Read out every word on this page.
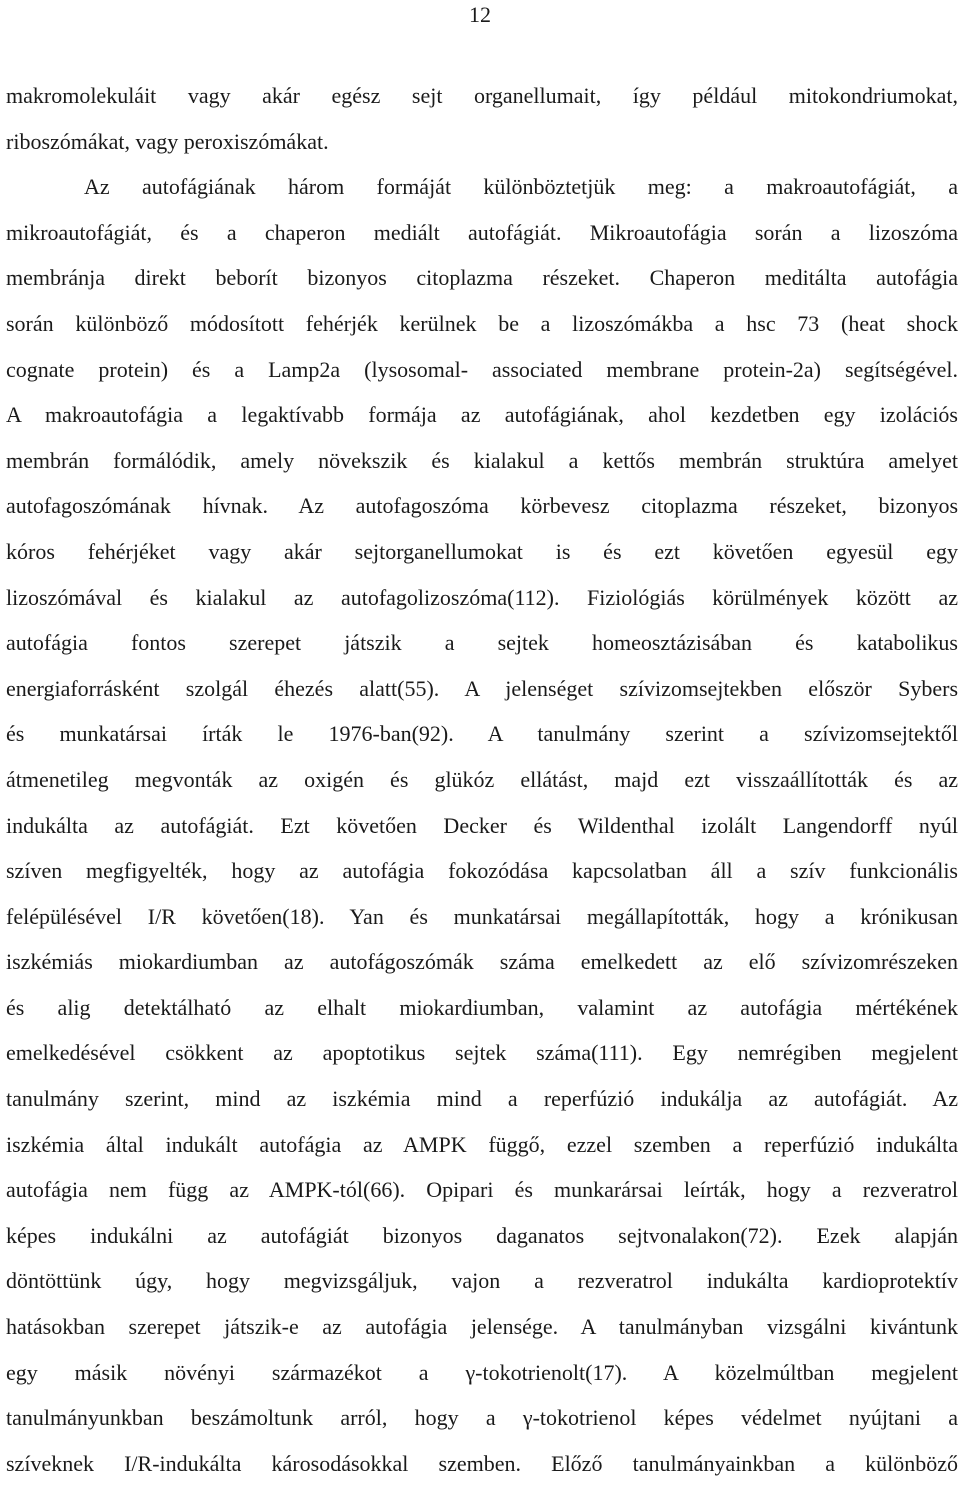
12
makromolekuláit vagy akár egész sejt organellumait, így például mitokondriumokat,
riboszómákat, vagy peroxiszómákat.
Az autofágiának három formáját különböztetjük meg: a makroautofágiát, a
mikroautofágiát, és a chaperon mediált autofágiát. Mikroautofágia során a lizoszóma
membránja direkt beborít bizonyos citoplazma részeket. Chaperon meditálta autofágia
során különböző módosított fehérjék kerülnek be a lizoszómákba a hsc 73 (heat shock
cognate protein) és a Lamp2a (lysosomal- associated membrane protein-2a) segítségével.
A makroautofágia a legaktívabb formája az autofágiának, ahol kezdetben egy izolációs
membrán formálódik, amely növekszik és kialakul a kettős membrán struktúra amelyet
autofagoszómának hívnak. Az autofagoszóma körbevesz citoplazma részeket, bizonyos
kóros fehérjéket vagy akár sejtorganellumokat is és ezt követően egyesül egy
lizoszómával és kialakul az autofagolizoszóma(112). Fiziológiás körülmények között az
autofágia fontos szerepet játszik a sejtek homeosztázisában és katabolikus
energiaforrásként szolgál éhezés alatt(55). A jelenséget szívizomsejtekben először Sybers
és munkatársai írták le 1976-ban(92). A tanulmány szerint a szívizomsejtektől
átmenetileg megvonták az oxigén és glükóz ellátást, majd ezt visszaállították és az
indukálta az autofágiát. Ezt követően Decker és Wildenthal izolált Langendorff nyúl
szíven megfigyelték, hogy az autofágia fokozódása kapcsolatban áll a szív funkcionális
felépülésével I/R követően(18). Yan és munkatársai megállapították, hogy a krónikusan
iszkémiás miokardiumban az autofágoszómák száma emelkedett az elő szívizomrészeken
és alig detektálható az elhalt miokardiumban, valamint az autofágia mértékének
emelkedésével csökkent az apoptotikus sejtek száma(111). Egy nemrégiben megjelent
tanulmány szerint, mind az iszkémia mind a reperfúzió indukálja az autofágiát. Az
iszkémia által indukált autofágia az AMPK függő, ezzel szemben a reperfúzió indukálta
autofágia nem függ az AMPK-tól(66). Opipari és munkarársai leírták, hogy a rezveratrol
képes indukálni az autofágiát bizonyos daganatos sejtvonalakon(72). Ezek alapján
döntöttünk úgy, hogy megvizsgáljuk, vajon a rezveratrol indukálta kardioprotektív
hatásokban szerepet játszik-e az autofágia jelensége. A tanulmányban vizsgálni kivántunk
egy másik növényi származékot a γ-tokotrienolt(17). A közelmúltban megjelent
tanulmányunkban beszámoltunk arról, hogy a γ-tokotrienol képes védelmet nyújtani a
szíveknek I/R-indukálta károsodásokkal szemben. Előző tanulmányainkban a különböző
